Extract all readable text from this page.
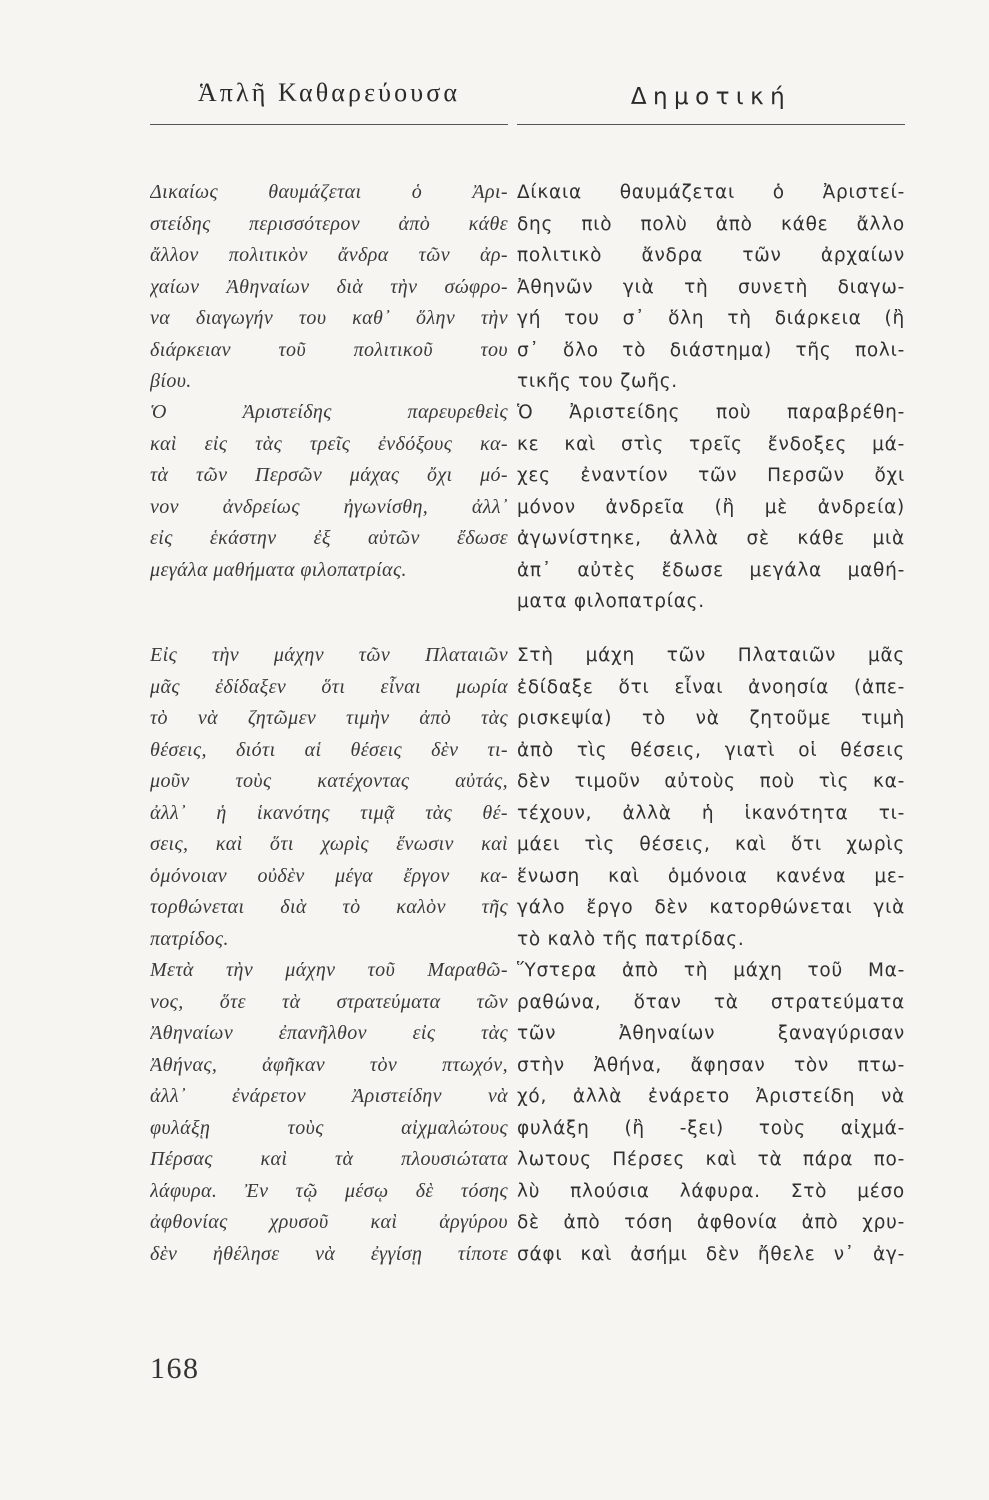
Ἁπλῆ Καθαρεύουσα
Δικαίως θαυμάζεται ὁ Ἀρι-
στείδης περισσότερον ἀπὸ κάθε
ἄλλον πολιτικὸν ἄνδρα τῶν ἀρ-
χαίων Ἀθηναίων διὰ τὴν σώφρο-
να διαγωγήν του καθ᾽ ὅλην τὴν
διάρκειαν τοῦ πολιτικοῦ του
βίου.
Ὁ Ἀριστείδης παρευρεθεὶς
καὶ εἰς τὰς τρεῖς ἐνδόξους κα-
τὰ τῶν Περσῶν μάχας ὄχι μό-
νον ἀνδρείως ἠγωνίσθη, ἀλλ᾽
εἰς ἑκάστην ἐξ αὐτῶν ἔδωσε
μεγάλα μαθήματα φιλοπατρίας.
Εἰς τὴν μάχην τῶν Πλαταιῶν
μᾶς ἐδίδαξεν ὅτι εἶναι μωρία
τὸ νὰ ζητῶμεν τιμὴν ἀπὸ τὰς
θέσεις, διότι αἱ θέσεις δὲν τι-
μοῦν τοὺς κατέχοντας αὐτάς,
ἀλλ᾽ ἡ ἱκανότης τιμᾷ τὰς θέ-
σεις, καὶ ὅτι χωρὶς ἕνωσιν καὶ
ὁμόνοιαν οὐδὲν μέγα ἔργον κα-
τορθώνεται διὰ τὸ καλὸν τῆς
πατρίδος.
Μετὰ τὴν μάχην τοῦ Μαραθῶ-
νος, ὅτε τὰ στρατεύματα τῶν
Ἀθηναίων ἐπανῆλθον εἰς τὰς
Ἀθήνας, ἀφῆκαν τὸν πτωχόν,
ἀλλ᾽ ἐνάρετον Ἀριστείδην νὰ
φυλάξῃ τοὺς αἰχμαλώτους
Πέρσας καὶ τὰ πλουσιώτατα
λάφυρα. Ἐν τῷ μέσῳ δὲ τόσης
ἀφθονίας χρυσοῦ καὶ ἀργύρου
δὲν ἠθέλησε νὰ ἐγγίσῃ τίποτε
Δημοτική
Δίκαια θαυμάζεται ὁ Ἀριστεί-
δης πιὸ πολὺ ἀπὸ κάθε ἄλλο
πολιτικὸ ἄνδρα τῶν ἀρχαίων
Ἀθηνῶν γιὰ τὴ συνετὴ διαγω-
γή του σ᾽ ὅλη τὴ διάρκεια (ἢ
σ᾽ ὅλο τὸ διάστημα) τῆς πολι-
τικῆς του ζωῆς.
Ὁ Ἀριστείδης ποὺ παραβρέθη-
κε καὶ στὶς τρεῖς ἔνδοξες μά-
χες ἐναντίον τῶν Περσῶν ὄχι
μόνον ἀνδρεῖα (ἢ μὲ ἀνδρεία)
ἀγωνίστηκε, ἀλλὰ σὲ κάθε μιὰ
ἀπ᾽ αὐτὲς ἔδωσε μεγάλα μαθή-
ματα φιλοπατρίας.
Στὴ μάχη τῶν Πλαταιῶν μᾶς
ἐδίδαξε ὅτι εἶναι ἀνοησία (ἀπε-
ρισκεψία) τὸ νὰ ζητοῦμε τιμὴ
ἀπὸ τὶς θέσεις, γιατὶ οἱ θέσεις
δὲν τιμοῦν αὐτοὺς ποὺ τὶς κα-
τέχουν, ἀλλὰ ἡ ἱκανότητα τι-
μάει τὶς θέσεις, καὶ ὅτι χωρὶς
ἕνωση καὶ ὁμόνοια κανένα με-
γάλο ἔργο δὲν κατορθώνεται γιὰ
τὸ καλὸ τῆς πατρίδας.
Ὕστερα ἀπὸ τὴ μάχη τοῦ Μα-
ραθώνα, ὅταν τὰ στρατεύματα
τῶν Ἀθηναίων ξαναγύρισαν
στὴν Ἀθήνα, ἄφησαν τὸν πτω-
χό, ἀλλὰ ἐνάρετο Ἀριστείδη νὰ
φυλάξη (ἢ -ξει) τοὺς αἰχμά-
λωτους Πέρσες καὶ τὰ πάρα πο-
λὺ πλούσια λάφυρα. Στὸ μέσο
δὲ ἀπὸ τόση ἀφθονία ἀπὸ χρυ-
σάφι καὶ ἀσήμι δὲν ἤθελε ν᾽ ἀγ-
168
